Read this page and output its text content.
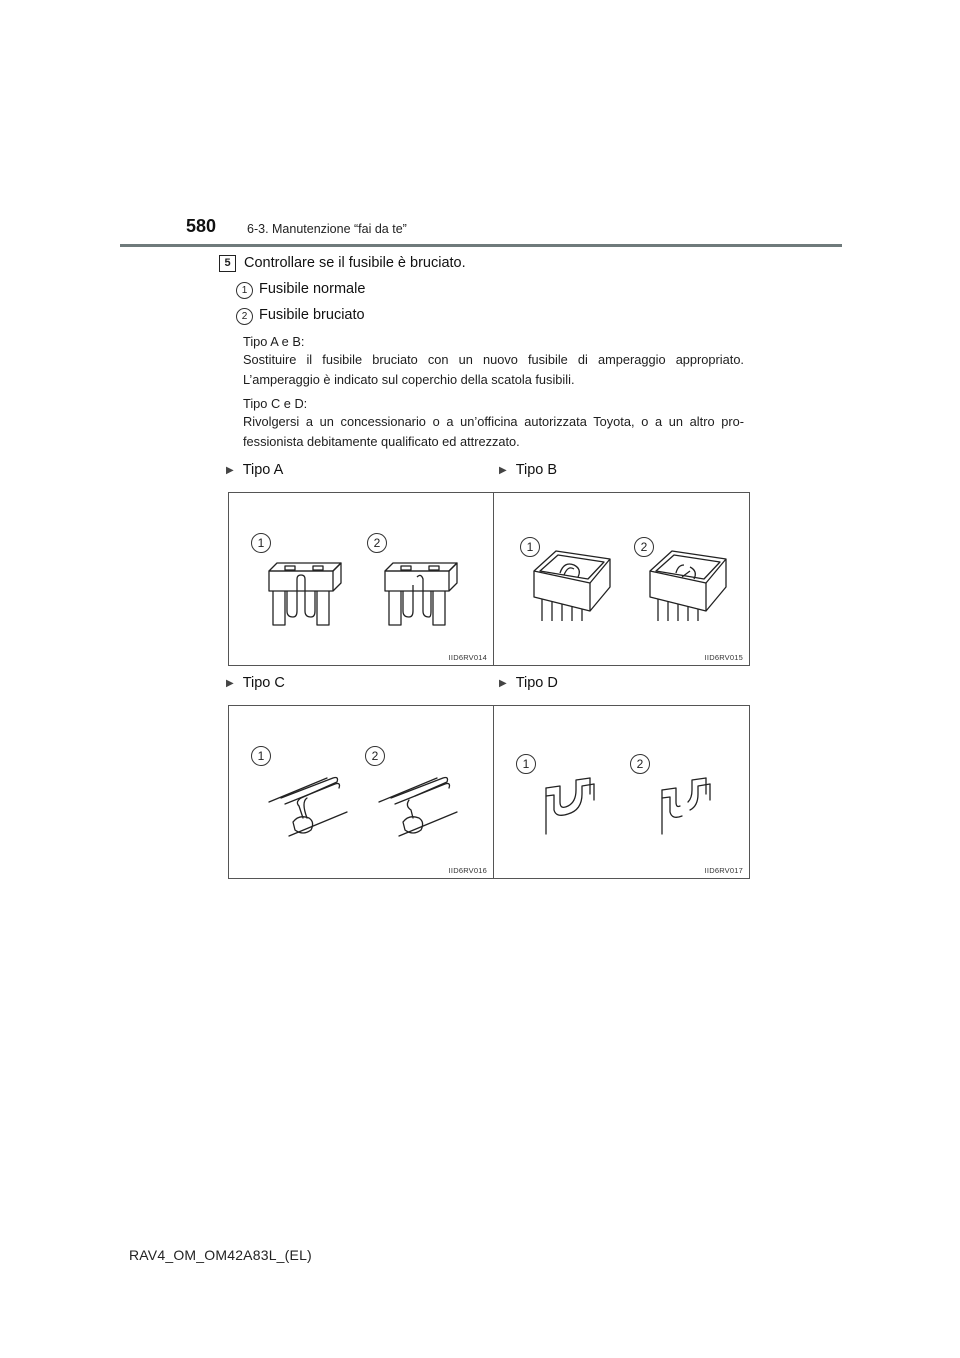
580 6-3. Manutenzione “fai da te”
5 Controllare se il fusibile è bruciato.
1 Fusibile normale
2 Fusibile bruciato
Tipo A e B:
Sostituire il fusibile bruciato con un nuovo fusibile di amperaggio appropriato. L’amperaggio è indicato sul coperchio della scatola fusibili.
Tipo C e D:
Rivolgersi a un concessionario o a un’officina autorizzata Toyota, o a un altro pro-fessionista debitamente qualificato ed attrezzato.
▶ Tipo A	▶ Tipo B
▶ Tipo C	▶ Tipo D
1	2
IID6RV014
1	2
IID6RV015
1	2
IID6RV016
1	2
IID6RV017
RAV4_OM_OM42A83L_(EL)
